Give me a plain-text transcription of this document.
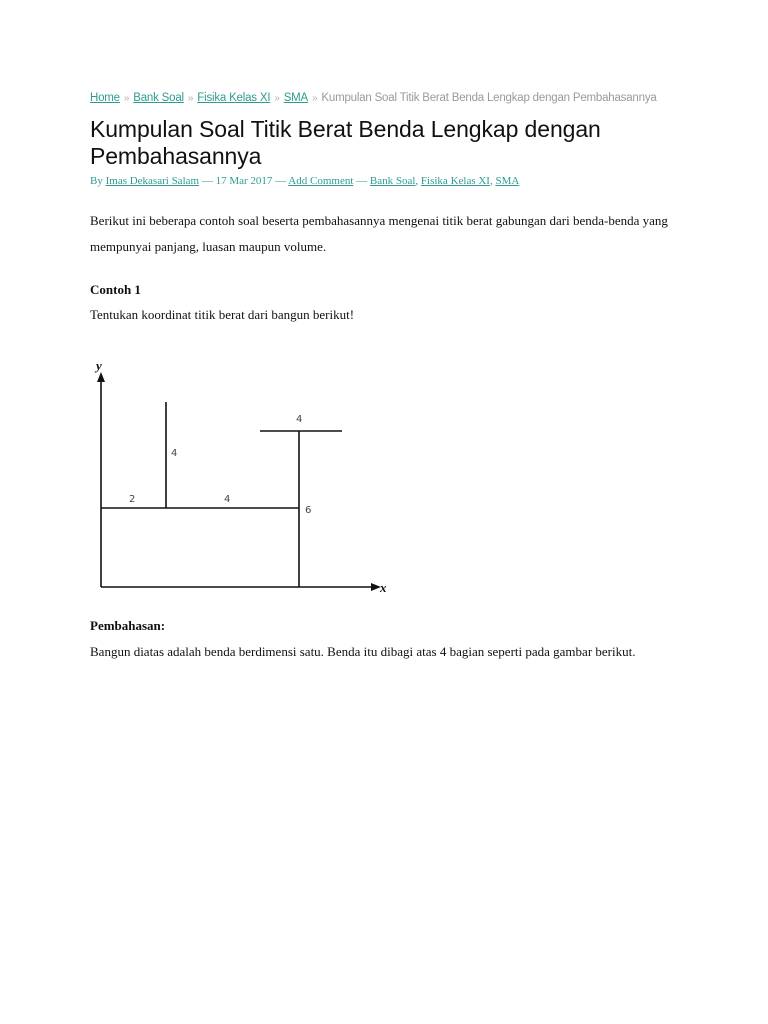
Home » Bank Soal » Fisika Kelas XI » SMA » Kumpulan Soal Titik Berat Benda Lengkap dengan Pembahasannya
Kumpulan Soal Titik Berat Benda Lengkap dengan Pembahasannya
By Imas Dekasari Salam — 17 Mar 2017 — Add Comment — Bank Soal, Fisika Kelas XI, SMA

Berikut ini beberapa contoh soal beserta pembahasannya mengenai titik berat gabungan dari benda-benda yang mempunyai panjang, luasan maupun volume.

Contoh 1

Tentukan koordinat titik berat dari bangun berikut!

y
x
2
4
4
6
4

Pembahasan:

Bangun diatas adalah benda berdimensi satu. Benda itu dibagi atas 4 bagian seperti pada gambar berikut.
